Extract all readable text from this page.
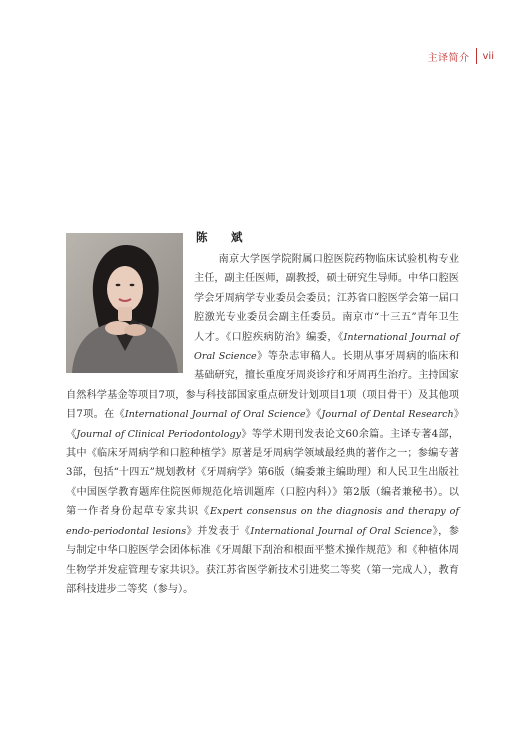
主译简介 vii
陈　斌

南京大学医学院附属口腔医院药物临床试验机构专业主任，副主任医师，副教授，硕士研究生导师。中华口腔医学会牙周病学专业委员会委员；江苏省口腔医学会第一届口腔激光专业委员会副主任委员。南京市“十三五”青年卫生人才。《口腔疾病防治》编委，《International Journal of Oral Science》等杂志审稿人。长期从事牙周病的临床和基础研究，擅长重度牙周炎诊疗和牙周再生治疗。主持国家自然科学基金等项目7项，参与科技部国家重点研发计划项目1项（项目骨干）及其他项目7项。在《International Journal of Oral Science》《Journal of Dental Research》《Journal of Clinical Periodontology》等学术期刊发表论文60余篇。主译专著4部，其中《临床牙周病学和口腔种植学》原著是牙周病学领域最经典的著作之一；参编专著3部，包括“十四五”规划教材《牙周病学》第6版（编委兼主编助理）和人民卫生出版社《中国医学教育题库住院医师规范化培训题库（口腔内科）》第2版（编者兼秘书）。以第一作者身份起草专家共识《Expert consensus on the diagnosis and therapy of endo-periodontal lesions》并发表于《International Journal of Oral Science》，参与制定中华口腔医学会团体标准《牙周龈下刮治和根面平整术操作规范》和《种植体周生物学并发症管理专家共识》。获江苏省医学新技术引进奖二等奖（第一完成人），教育部科技进步二等奖（参与）。
